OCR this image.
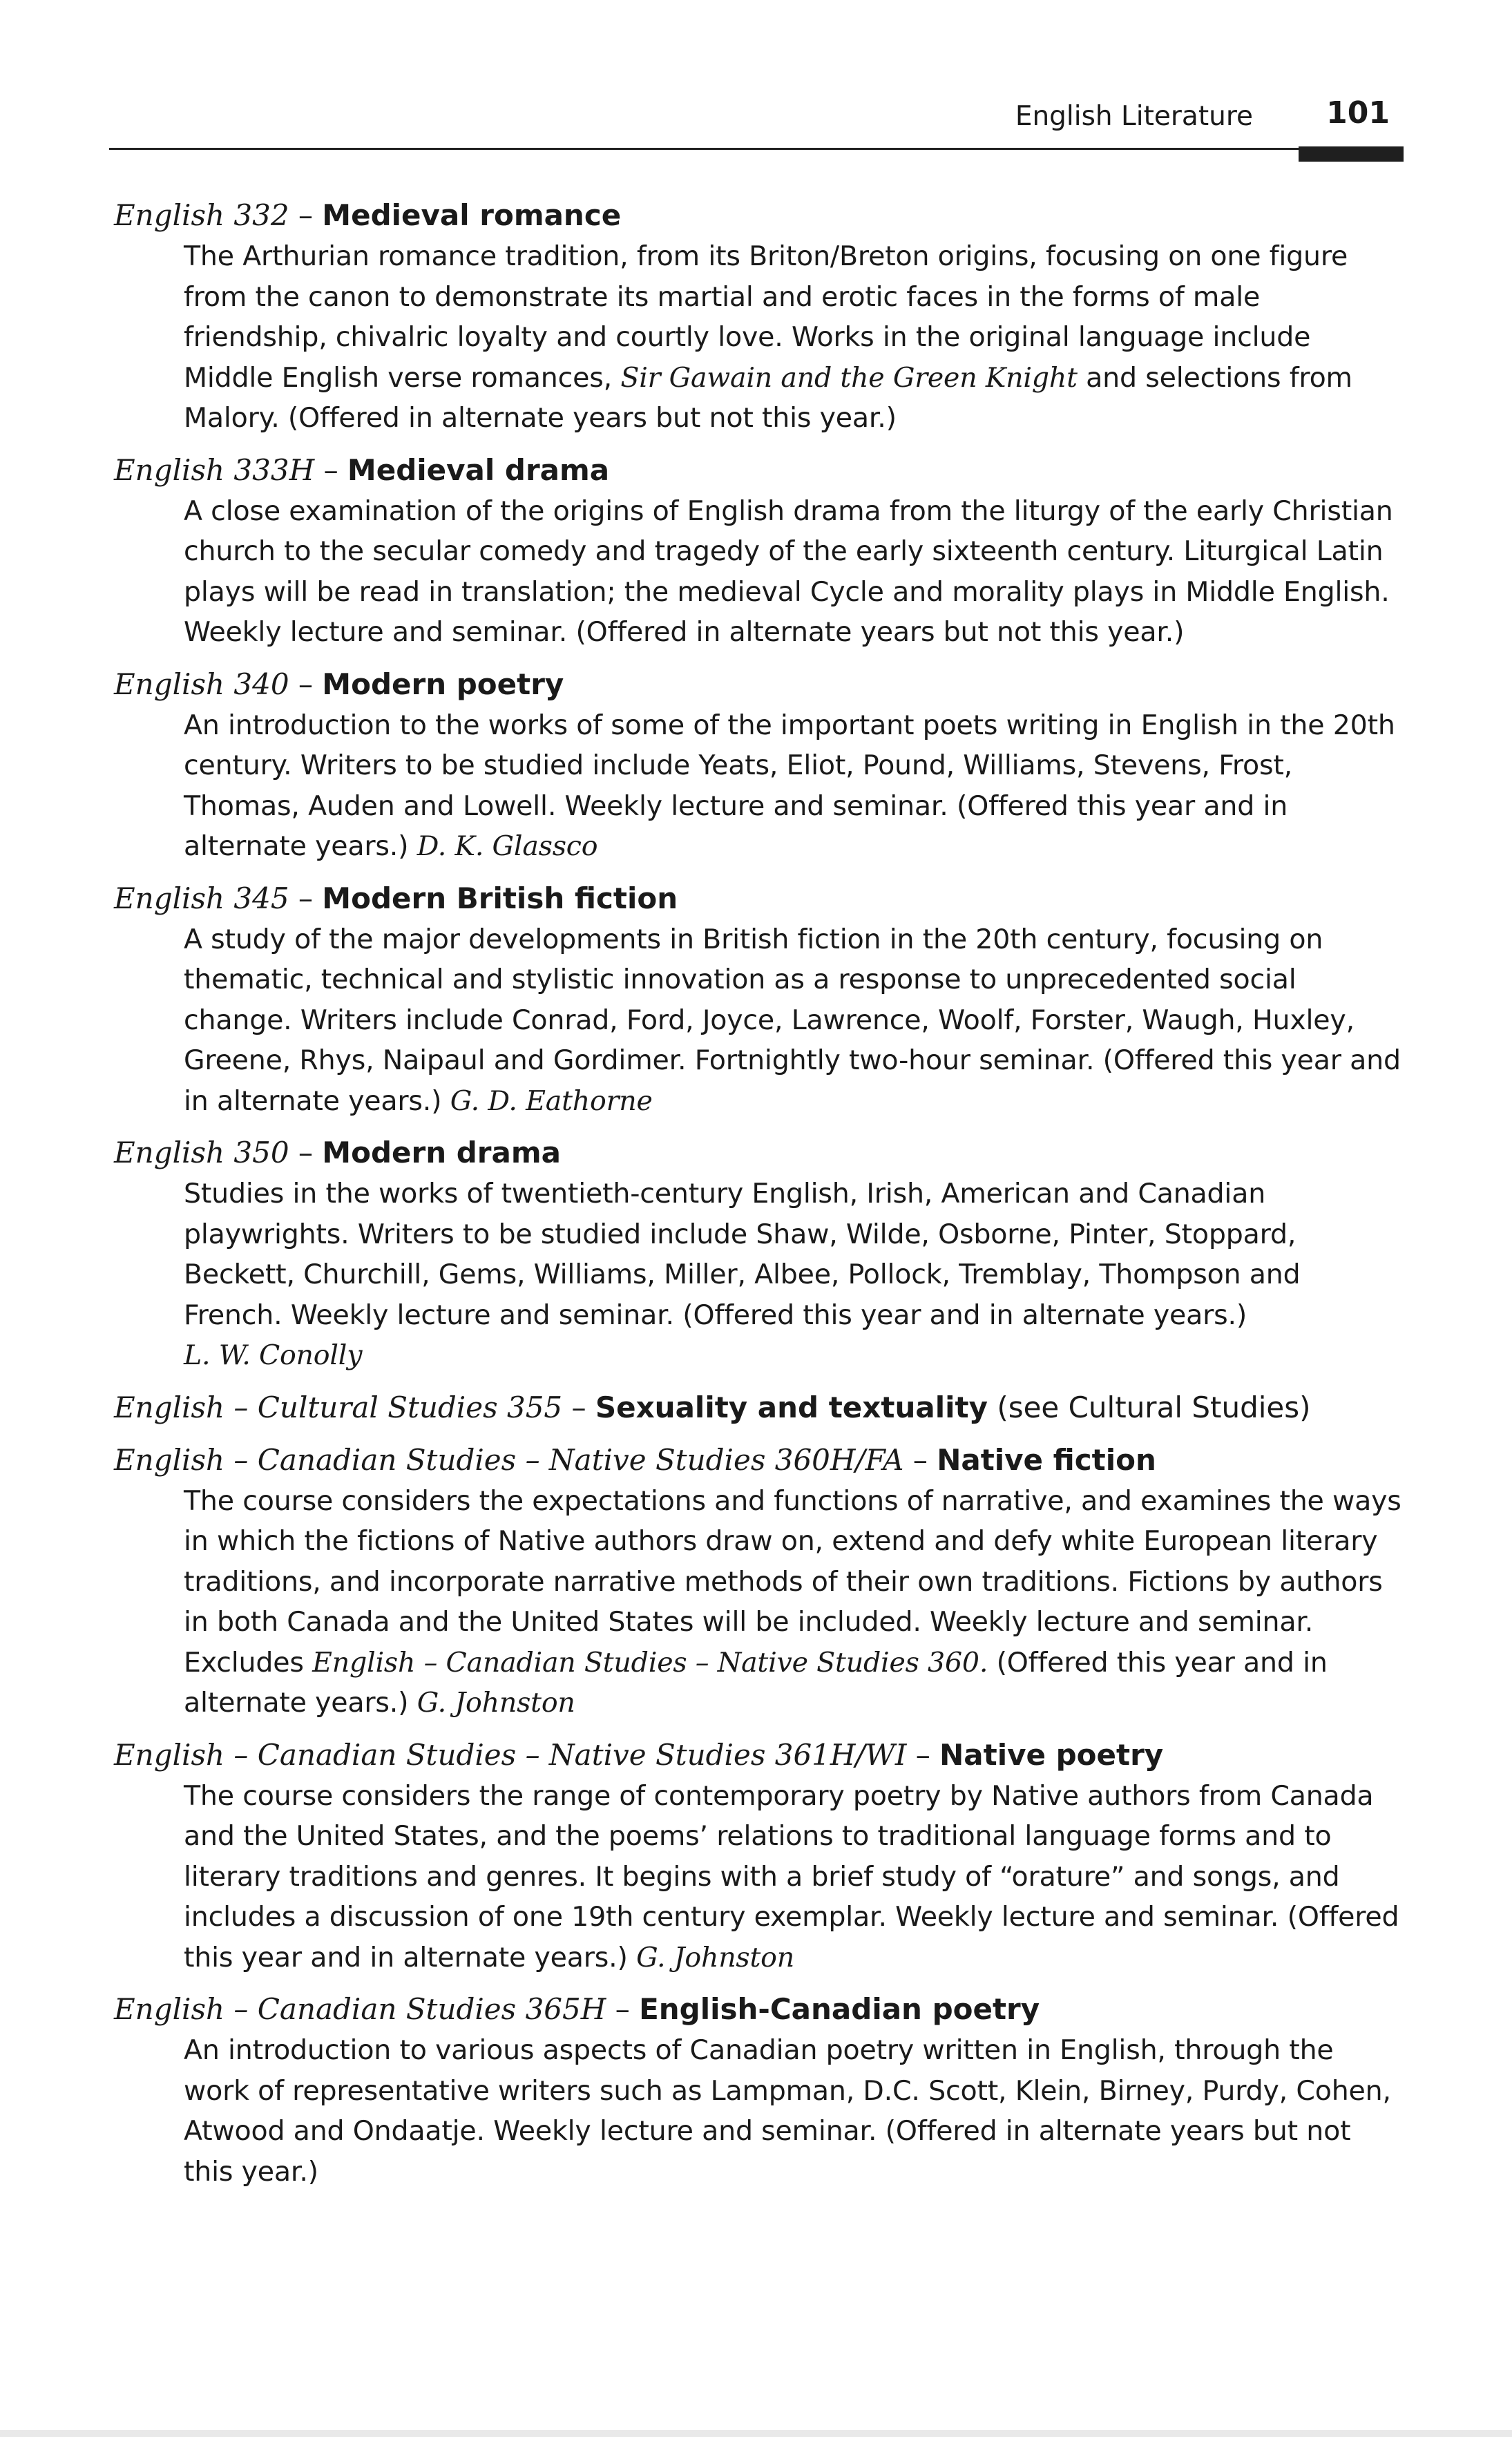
English Literature 101
English 332 – Medieval romance
The Arthurian romance tradition, from its Briton/Breton origins, focusing on one figure from the canon to demonstrate its martial and erotic faces in the forms of male friendship, chivalric loyalty and courtly love. Works in the original language include Middle English verse romances, Sir Gawain and the Green Knight and selections from Malory. (Offered in alternate years but not this year.)
English 333H – Medieval drama
A close examination of the origins of English drama from the liturgy of the early Christian church to the secular comedy and tragedy of the early sixteenth century. Liturgical Latin plays will be read in translation; the medieval Cycle and morality plays in Middle English. Weekly lecture and seminar. (Offered in alternate years but not this year.)
English 340 – Modern poetry
An introduction to the works of some of the important poets writing in English in the 20th century. Writers to be studied include Yeats, Eliot, Pound, Williams, Stevens, Frost, Thomas, Auden and Lowell. Weekly lecture and seminar. (Offered this year and in alternate years.) D. K. Glassco
English 345 – Modern British fiction
A study of the major developments in British fiction in the 20th century, focusing on thematic, technical and stylistic innovation as a response to unprecedented social change. Writers include Conrad, Ford, Joyce, Lawrence, Woolf, Forster, Waugh, Huxley, Greene, Rhys, Naipaul and Gordimer. Fortnightly two-hour seminar. (Offered this year and in alternate years.) G. D. Eathorne
English 350 – Modern drama
Studies in the works of twentieth-century English, Irish, American and Canadian playwrights. Writers to be studied include Shaw, Wilde, Osborne, Pinter, Stoppard, Beckett, Churchill, Gems, Williams, Miller, Albee, Pollock, Tremblay, Thompson and French. Weekly lecture and seminar. (Offered this year and in alternate years.)
L. W. Conolly
English – Cultural Studies 355 – Sexuality and textuality (see Cultural Studies)
English – Canadian Studies – Native Studies 360H/FA – Native fiction
The course considers the expectations and functions of narrative, and examines the ways in which the fictions of Native authors draw on, extend and defy white European literary traditions, and incorporate narrative methods of their own traditions. Fictions by authors in both Canada and the United States will be included. Weekly lecture and seminar. Excludes English – Canadian Studies – Native Studies 360. (Offered this year and in alternate years.) G. Johnston
English – Canadian Studies – Native Studies 361H/WI – Native poetry
The course considers the range of contemporary poetry by Native authors from Canada and the United States, and the poems’ relations to traditional language forms and to literary traditions and genres. It begins with a brief study of “orature” and songs, and includes a discussion of one 19th century exemplar. Weekly lecture and seminar. (Offered this year and in alternate years.) G. Johnston
English – Canadian Studies 365H – English-Canadian poetry
An introduction to various aspects of Canadian poetry written in English, through the work of representative writers such as Lampman, D.C. Scott, Klein, Birney, Purdy, Cohen, Atwood and Ondaatje. Weekly lecture and seminar. (Offered in alternate years but not this year.)
